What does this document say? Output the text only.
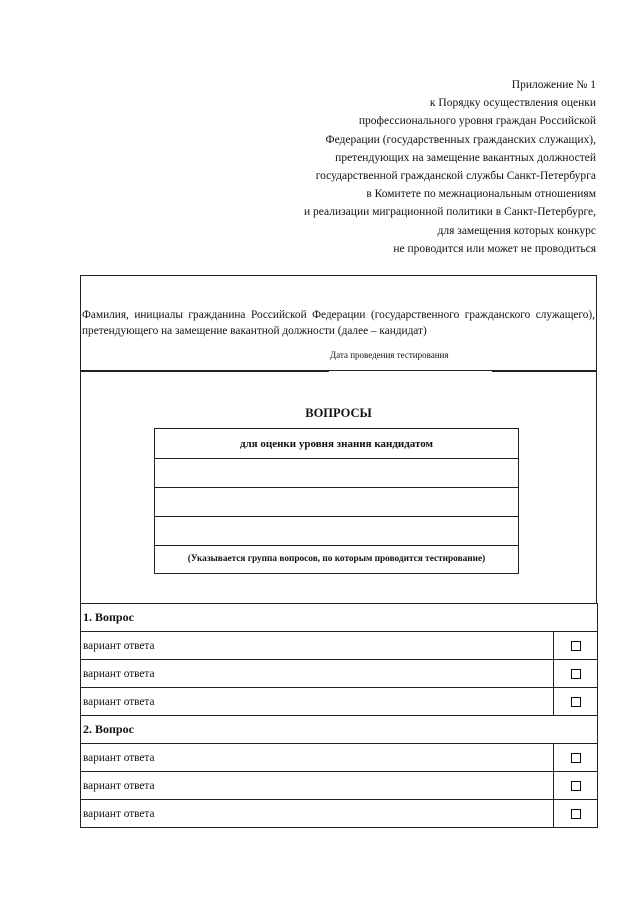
Приложение № 1
к Порядку осуществления оценки
профессионального уровня граждан Российской
Федерации (государственных гражданских служащих),
претендующих на замещение вакантных должностей
государственной гражданской службы Санкт-Петербурга
в Комитете по межнациональным отношениям
и реализации миграционной политики в Санкт-Петербурге,
для замещения которых конкурс
не проводится или может не проводиться
Фамилия, инициалы гражданина Российской Федерации (государственного гражданского служащего), претендующего на замещение вакантной должности (далее – кандидат)
Дата проведения тестирования
ВОПРОСЫ
для оценки уровня знания кандидатом
(Указывается группа вопросов, по которым проводится тестирование)
1. Вопрос	
вариант ответа	
вариант ответа	
вариант ответа	
2. Вопрос	
вариант ответа	
вариант ответа	
вариант ответа	
